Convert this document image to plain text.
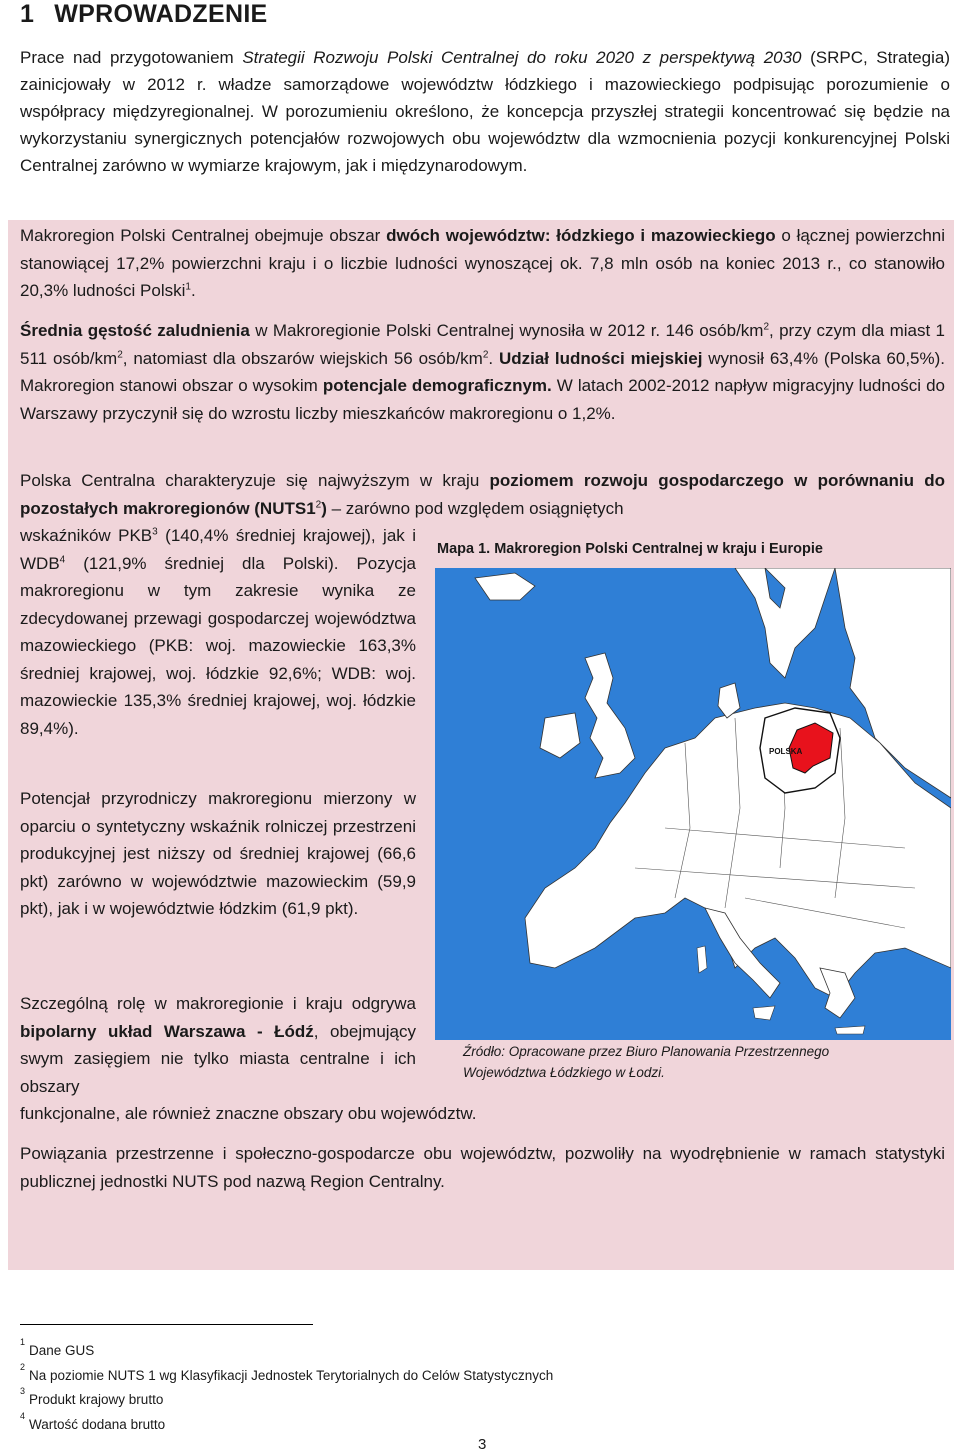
1 WPROWADZENIE
Prace nad przygotowaniem Strategii Rozwoju Polski Centralnej do roku 2020 z perspektywą 2030 (SRPC, Strategia) zainicjowały w 2012 r. władze samorządowe województw łódzkiego i mazowieckiego podpisując porozumienie o współpracy międzyregionalnej. W porozumieniu określono, że koncepcja przyszłej strategii koncentrować się będzie na wykorzystaniu synergicznych potencjałów rozwojowych obu województw dla wzmocnienia pozycji konkurencyjnej Polski Centralnej zarówno w wymiarze krajowym, jak i międzynarodowym.
Makroregion Polski Centralnej obejmuje obszar dwóch województw: łódzkiego i mazowieckiego o łącznej powierzchni stanowiącej 17,2% powierzchni kraju i o liczbie ludności wynoszącej ok. 7,8 mln osób na koniec 2013 r., co stanowiło 20,3% ludności Polski$^1$.
Średnia gęstość zaludnienia w Makroregionie Polski Centralnej wynosiła w 2012 r. 146 osób/$km^2$, przy czym dla miast 1 511 osób/$km^2$, natomiast dla obszarów wiejskich 56 osób/$km^2$. Udział ludności miejskiej wynosił 63,4% (Polska 60,5%). Makroregion stanowi obszar o wysokim potencjale demograficznym. W latach 2002-2012 napływ migracyjny ludności do Warszawy przyczynił się do wzrostu liczby mieszkańców makroregionu o 1,2%.
Polska Centralna charakteryzuje się najwyższym w kraju poziomem rozwoju gospodarczego w porównaniu do pozostałych makroregionów $(NUTS1^2)$ – zarówno pod względem osiągniętych
wskaźników PKB$^3$ (140,4% średniej krajowej), jak i WDB$^4$ (121,9% średniej dla Polski). Pozycja makroregionu w tym zakresie wynika ze zdecydowanej przewagi gospodarczej województwa mazowieckiego (PKB: woj. mazowieckie 163,3% średniej krajowej, woj. łódzkie 92,6%; WDB: woj. mazowieckie 135,3% średniej krajowej, woj. łódzkie 89,4%).
Potencjał przyrodniczy makroregionu mierzony w oparciu o syntetyczny wskaźnik rolniczej przestrzeni produkcyjnej jest niższy od średniej krajowej (66,6 pkt) zarówno w województwie mazowieckim (59,9 pkt), jak i w województwie łódzkim (61,9 pkt).
Szczególną rolę w makroregionie i kraju odgrywa bipolarny układ Warszawa - Łódź, obejmujący swym zasięgiem nie tylko miasta centralne i ich obszary
funkcjonalne, ale również znaczne obszary obu województw.
Powiązania przestrzenne i społeczno-gospodarcze obu województw, pozwoliły na wyodrębnienie w ramach statystyki publicznej jednostki NUTS pod nazwą Region Centralny.
Mapa 1. Makroregion Polski Centralnej w kraju i Europie
POLSKA
Źródło: Opracowane przez Biuro Planowania Przestrzennego Województwa Łódzkiego w Łodzi.
$^1$Dane GUS
$^2$Na poziomie NUTS 1 wg Klasyfikacji Jednostek Terytorialnych do Celów Statystycznych
$^3$Produkt krajowy brutto
$^4$Wartość dodana brutto
3
